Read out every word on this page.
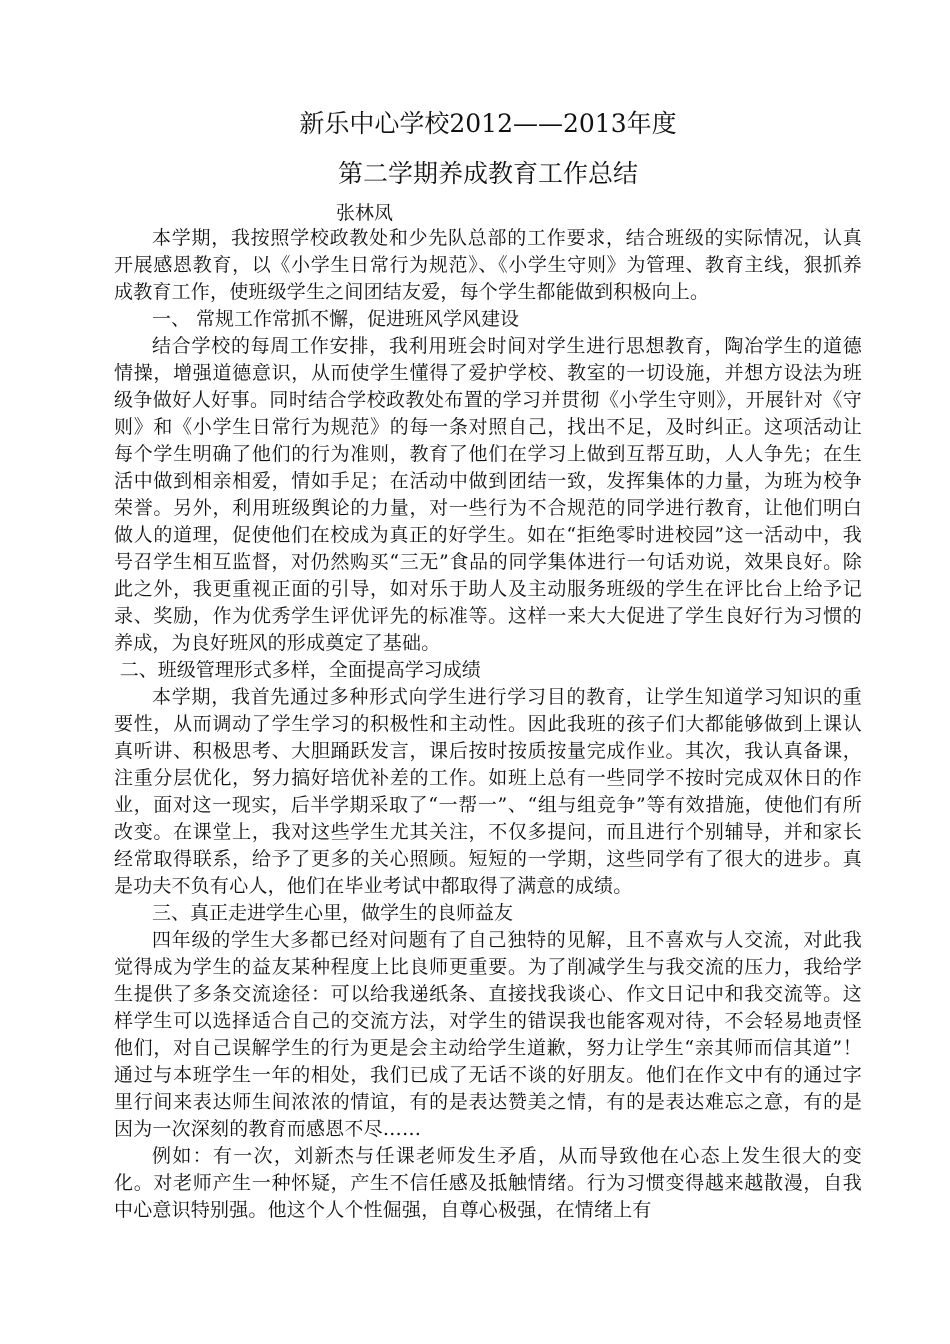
新乐中心学校2012——2013年度
第二学期养成教育工作总结

张林凤

本学期，我按照学校政教处和少先队总部的工作要求，结合班级的实际情况，认真开展感恩教育，以《小学生日常行为规范》、《小学生守则》为管理、教育主线，狠抓养成教育工作，使班级学生之间团结友爱，每个学生都能做到积极向上。

一、 常规工作常抓不懈，促进班风学风建设

结合学校的每周工作安排，我利用班会时间对学生进行思想教育，陶冶学生的道德情操，增强道德意识，从而使学生懂得了爱护学校、教室的一切设施，并想方设法为班级争做好人好事。同时结合学校政教处布置的学习并贯彻《小学生守则》，开展针对《守则》和《小学生日常行为规范》的每一条对照自己，找出不足，及时纠正。这项活动让每个学生明确了他们的行为准则，教育了他们在学习上做到互帮互助，人人争先；在生活中做到相亲相爱，情如手足；在活动中做到团结一致，发挥集体的力量，为班为校争荣誉。另外，利用班级舆论的力量，对一些行为不合规范的同学进行教育，让他们明白做人的道理，促使他们在校成为真正的好学生。如在“拒绝零时进校园”这一活动中，我号召学生相互监督，对仍然购买“三无”食品的同学集体进行一句话劝说，效果良好。除此之外，我更重视正面的引导，如对乐于助人及主动服务班级的学生在评比台上给予记录、奖励，作为优秀学生评优评先的标准等。这样一来大大促进了学生良好行为习惯的养成，为良好班风的形成奠定了基础。

二、班级管理形式多样，全面提高学习成绩

本学期，我首先通过多种形式向学生进行学习目的教育，让学生知道学习知识的重要性，从而调动了学生学习的积极性和主动性。因此我班的孩子们大都能够做到上课认真听讲、积极思考、大胆踊跃发言，课后按时按质按量完成作业。其次，我认真备课，注重分层优化，努力搞好培优补差的工作。如班上总有一些同学不按时完成双休日的作业，面对这一现实，后半学期采取了“一帮一”、“组与组竞争”等有效措施，使他们有所改变。在课堂上，我对这些学生尤其关注，不仅多提问，而且进行个别辅导，并和家长经常取得联系，给予了更多的关心照顾。短短的一学期，这些同学有了很大的进步。真是功夫不负有心人，他们在毕业考试中都取得了满意的成绩。

三、真正走进学生心里，做学生的良师益友

四年级的学生大多都已经对问题有了自己独特的见解，且不喜欢与人交流，对此我觉得成为学生的益友某种程度上比良师更重要。为了削减学生与我交流的压力，我给学生提供了多条交流途径：可以给我递纸条、直接找我谈心、作文日记中和我交流等。这样学生可以选择适合自己的交流方法，对学生的错误我也能客观对待，不会轻易地责怪他们，对自己误解学生的行为更是会主动给学生道歉，努力让学生“亲其师而信其道”！ 通过与本班学生一年的相处，我们已成了无话不谈的好朋友。他们在作文中有的通过字里行间来表达师生间浓浓的情谊，有的是表达赞美之情，有的是表达难忘之意，有的是因为一次深刻的教育而感恩不尽……

例如：有一次，刘新杰与任课老师发生矛盾，从而导致他在心态上发生很大的变化。对老师产生一种怀疑，产生不信任感及抵触情绪。行为习惯变得越来越散漫，自我中心意识特别强。他这个人个性倔强，自尊心极强，在情绪上有
